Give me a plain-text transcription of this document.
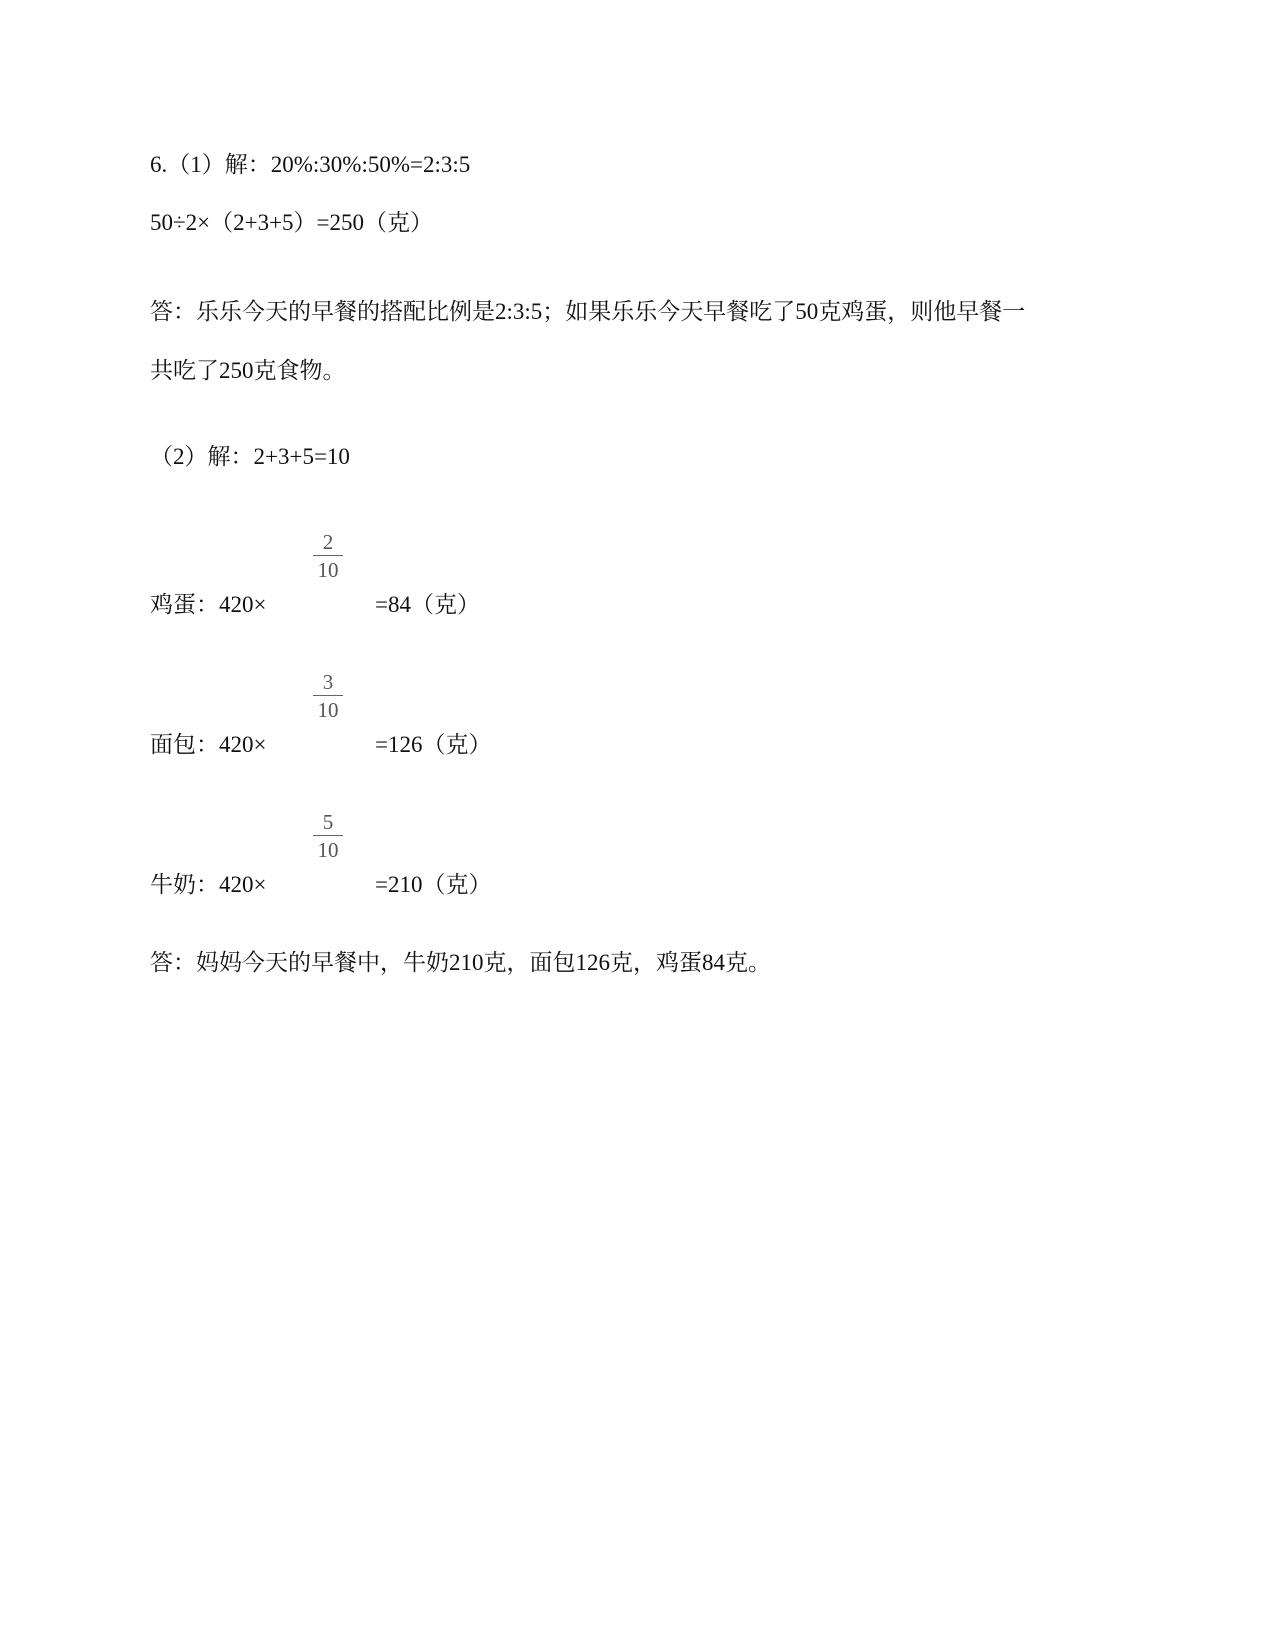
6.（1）解：20%:30%:50%=2:3:5
50÷2×（2+3+5）=250（克）
答：乐乐今天的早餐的搭配比例是2:3:5；如果乐乐今天早餐吃了50克鸡蛋，则他早餐一
共吃了250克食物。
（2）解：2+3+5=10
鸡蛋：420×
2
10
=84（克）
面包：420×
3
10
=126（克）
牛奶：420×
5
10
=210（克）
答：妈妈今天的早餐中，牛奶210克，面包126克，鸡蛋84克。
